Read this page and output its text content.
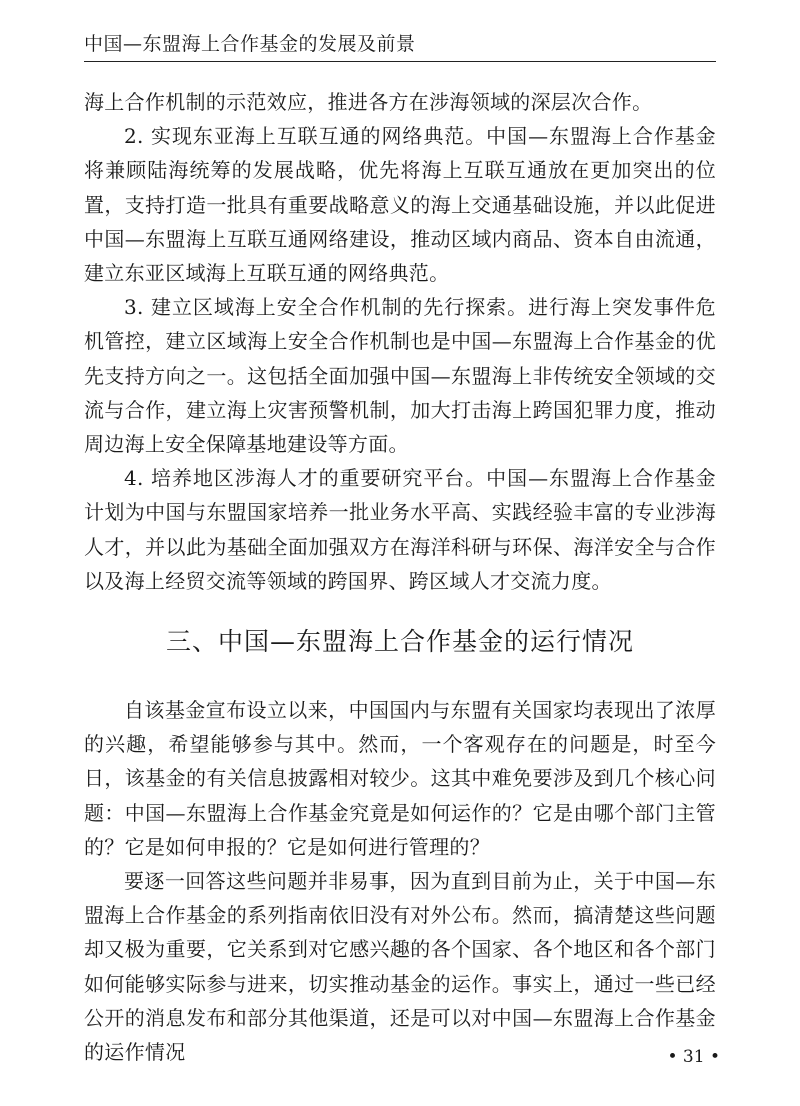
中国—东盟海上合作基金的发展及前景

海上合作机制的示范效应，推进各方在涉海领域的深层次合作。

2. 实现东亚海上互联互通的网络典范。中国—东盟海上合作基金将兼顾陆海统筹的发展战略，优先将海上互联互通放在更加突出的位置，支持打造一批具有重要战略意义的海上交通基础设施，并以此促进中国—东盟海上互联互通网络建设，推动区域内商品、资本自由流通，建立东亚区域海上互联互通的网络典范。

3. 建立区域海上安全合作机制的先行探索。进行海上突发事件危机管控，建立区域海上安全合作机制也是中国—东盟海上合作基金的优先支持方向之一。这包括全面加强中国—东盟海上非传统安全领域的交流与合作，建立海上灾害预警机制，加大打击海上跨国犯罪力度，推动周边海上安全保障基地建设等方面。

4. 培养地区涉海人才的重要研究平台。中国—东盟海上合作基金计划为中国与东盟国家培养一批业务水平高、实践经验丰富的专业涉海人才，并以此为基础全面加强双方在海洋科研与环保、海洋安全与合作以及海上经贸交流等领域的跨国界、跨区域人才交流力度。

三、中国—东盟海上合作基金的运行情况

自该基金宣布设立以来，中国国内与东盟有关国家均表现出了浓厚的兴趣，希望能够参与其中。然而，一个客观存在的问题是，时至今日，该基金的有关信息披露相对较少。这其中难免要涉及到几个核心问题：中国—东盟海上合作基金究竟是如何运作的？它是由哪个部门主管的？它是如何申报的？它是如何进行管理的？

要逐一回答这些问题并非易事，因为直到目前为止，关于中国—东盟海上合作基金的系列指南依旧没有对外公布。然而，搞清楚这些问题却又极为重要，它关系到对它感兴趣的各个国家、各个地区和各个部门如何能够实际参与进来，切实推动基金的运作。事实上，通过一些已经公开的消息发布和部分其他渠道，还是可以对中国—东盟海上合作基金的运作情况	• 31 •
